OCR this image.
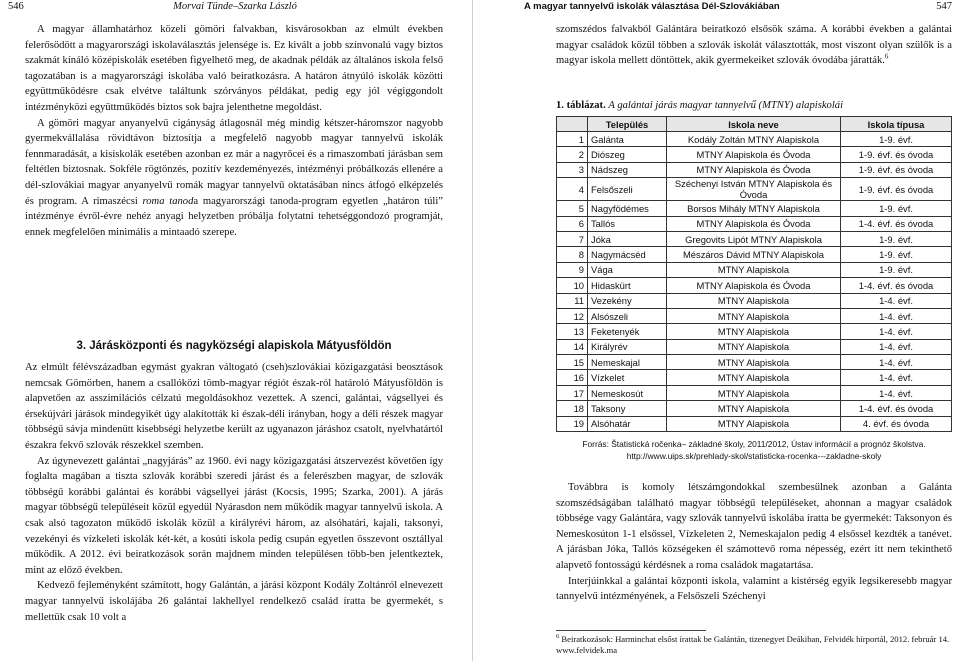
546	Morvai Tünde–Szarka László

A magyar államhatárhoz közeli gömöri falvakban, kisvárosokban az elmúlt években felerősödött a magyarországi iskolaválasztás jelensége is. Ez kivált a jobb színvonalú vagy biztos szakmát kínáló középiskolák esetében figyelhető meg, de akadnak példák az általános iskola felső tagozatában is a magyarországi iskolába való beiratkozásra. A határon átnyúló iskolák közötti együttműködésre csak elvétve találtunk szórványos példákat, pedig egy jól végiggondolt intézményközi együttműködés biztos sok bajra jelenthetne megoldást.

A gömöri magyar anyanyelvű cigányság átlagosnál még mindig kétszer-háromszor nagyobb gyermekvállalása rövidtávon biztosítja a megfelelő nagyobb magyar tannyelvű iskolák fennmaradását, a kisiskolák esetében azonban ez már a nagyrőcei és a rimaszombati járásban sem feltétlen biztosnak. Sokféle rögtönzés, pozitív kezdeményezés, intézményi próbálkozás ellenére a dél-szlovákiai magyar anyanyelvű romák magyar tannyelvű oktatásában nincs átfogó elképzelés és program. A rimaszécsi roma tanoda magyarországi tanoda-program egyetlen „határon túli” intézménye évről-évre nehéz anyagi helyzetben próbálja folytatni tehetséggondozó programját, ennek megfelelően minimális a mintaadó szerepe.

3. Járásközponti és nagyközségi alapiskola Mátyusföldön

Az elmúlt félévszázadban egymást gyakran váltogató (cseh)szlovákiai közigazgatási beosztások nemcsak Gömörben, hanem a csallóközi tömb-magyar régiót észak-ról határoló Mátyusföldön is alapvetően az asszimilációs célzatú megoldásokhoz vezettek. A szenci, galántai, vágsellyei és érsekújvári járások mindegyikét úgy alakították ki észak-déli irányban, hogy a déli részek magyar többségű sávja mindenütt kisebbségi helyzetbe került az ugyanazon járáshoz csatolt, nyelvhatártól északra fekvő szlovák részekkel szemben.

Az úgynevezett galántai „nagyjárás” az 1960. évi nagy közigazgatási átszervezést követően így foglalta magában a tiszta szlovák korábbi szeredi járást és a felerészben magyar, de szlovák többségű korábbi galántai és korábbi vágsellyei járást (Kocsis, 1995; Szarka, 2001). A járás magyar többségű településeit közül egyedül Nyárasdon nem működik magyar tannyelvű iskola. A csak alsó tagozaton működő iskolák közül a királyrévi három, az alsóhatári, kajali, taksonyi, vezekényi és vízkeleti iskolák két-két, a kosúti iskola pedig csupán egyetlen összevont osztállyal működik. A 2012. évi beiratkozások során majdnem minden településen több-ben jelentkeztek, mint az előző években.

Kedvező fejleményként számított, hogy Galántán, a járási központ Kodály Zoltánról elnevezett magyar tannyelvű iskolájába 26 galántai lakhellyel rendelkező család íratta be gyermekét, s mellettük csak 10 volt a

A magyar tannyelvű iskolák választása Dél-Szlovákiában	547

szomszédos falvakból Galántára beiratkozó elsősök száma. A korábbi években a galántai magyar családok közül többen a szlovák iskolát választották, most viszont olyan szülők is a magyar iskola mellett döntöttek, akik gyermekeiket szlovák óvodába járatták.$^6$

1. táblázat. A galántai járás magyar tannyelvű (MTNY) alapiskolái
	Település	Iskola neve	Iskola típusa
1	Galánta	Kodály Zoltán MTNY Alapiskola	1-9. évf.
2	Diószeg	MTNY Alapiskola és Óvoda	1-9. évf. és óvoda
3	Nádszeg	MTNY Alapiskola és Óvoda	1-9. évf. és óvoda
4	Felsőszeli	Széchenyi István MTNY Alapiskola és Óvoda	1-9. évf. és óvoda
5	Nagyfödémes	Borsos Mihály MTNY Alapiskola	1-9. évf.
6	Tallós	MTNY Alapiskola és Óvoda	1-4. évf. és óvoda
7	Jóka	Gregovits Lipót MTNY Alapiskola	1-9. évf.
8	Nagymácséd	Mészáros Dávid MTNY Alapiskola	1-9. évf.
9	Vága	MTNY Alapiskola	1-9. évf.
10	Hidaskürt	MTNY Alapiskola és Óvoda	1-4. évf. és óvoda
11	Vezekény	MTNY Alapiskola	1-4. évf.
12	Alsószeli	MTNY Alapiskola	1-4. évf.
13	Feketenyék	MTNY Alapiskola	1-4. évf.
14	Királyrév	MTNY Alapiskola	1-4. évf.
15	Nemeskajal	MTNY Alapiskola	1-4. évf.
16	Vízkelet	MTNY Alapiskola	1-4. évf.
17	Nemeskosút	MTNY Alapiskola	1-4. évf.
18	Taksony	MTNY Alapiskola	1-4. évf. és óvoda
19	Alsóhatár	MTNY Alapiskola	4. évf. és óvoda
Forrás: Štatistická ročenka– základné školy, 2011/2012, Ústav informácií a prognóz školstva.
http://www.uips.sk/prehlady-skol/statisticka-rocenka---zakladne-skoly

Továbbra is komoly létszámgondokkal szembesülnek azonban a Galánta szomszédságában található magyar többségű településeket, ahonnan a magyar családok többsége vagy Galántára, vagy szlovák tannyelvű iskolába íratta be gyermekét: Taksonyon és Nemeskosúton 1-1 elsőssel, Vízkeleten 2, Nemeskajalon pedig 4 elsőssel kezdték a tanévet. A járásban Jóka, Tallós községeken él számottevő roma népesség, ezért itt nem tekinthető alapvető fontosságú kérdésnek a roma családok magatartása.

Interjúinkkal a galántai központi iskola, valamint a kistérség egyik legsikeresebb magyar tannyelvű intézményének, a Felsőszeli Széchenyi

$^6$ Beiratkozások: Harminchat elsőst írattak be Galántán, tizenegyet Deákiban, Felvidék hírportál, 2012. február 14. www.felvidek.ma
